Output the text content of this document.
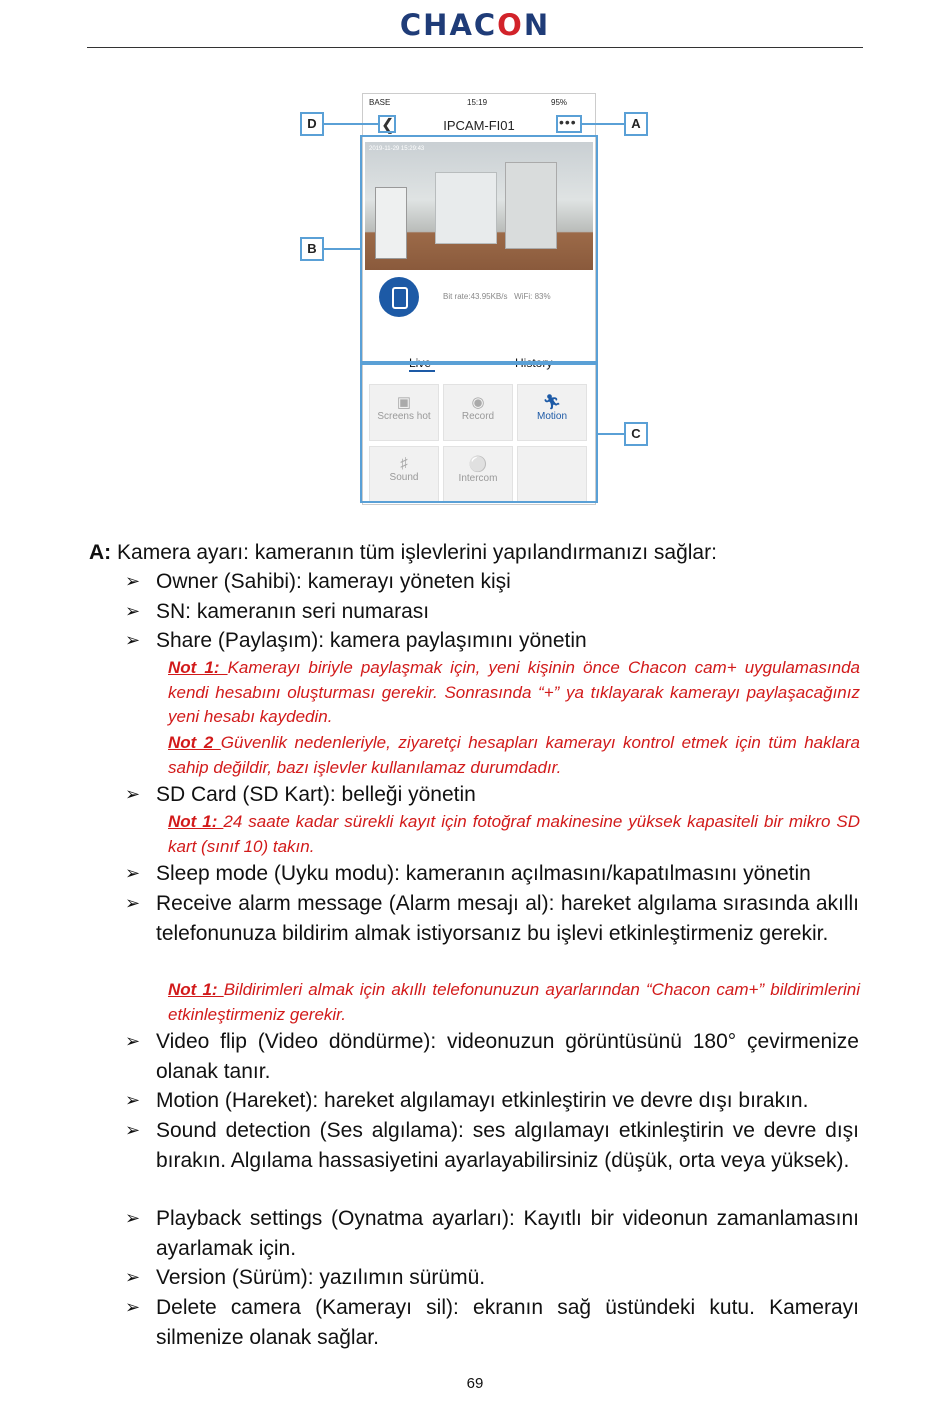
CHACON
BASE	15:19	95%
❮	IPCAM-FI01	•••
2019-11-29 15:29:43
Bit rate:43.95KB/s WiFi: 83%
Live	History
▣
Screens hot
◉
Record
🏃︎
Motion
♯
Sound
⚪
Intercom
D	A
B
C
A: Kamera ayarı: kameranın tüm işlevlerini yapılandırmanızı sağlar:
➢ Owner (Sahibi): kamerayı yöneten kişi
➢ SN: kameranın seri numarası
➢ Share (Paylaşım): kamera paylaşımını yönetin
Not 1: Kamerayı biriyle paylaşmak için, yeni kişinin önce Chacon cam+ uygulamasında kendi hesabını oluşturması gerekir. Sonrasında “+” ya tıklayarak kamerayı paylaşacağınız yeni hesabı kaydedin.
Not 2 Güvenlik nedenleriyle, ziyaretçi hesapları kamerayı kontrol etmek için tüm haklara sahip değildir, bazı işlevler kullanılamaz durumdadır.
➢ SD Card (SD Kart): belleği yönetin
Not 1: 24 saate kadar sürekli kayıt için fotoğraf makinesine yüksek kapasiteli bir mikro SD kart (sınıf 10) takın.
➢ Sleep mode (Uyku modu): kameranın açılmasını/kapatılmasını yönetin
➢ Receive alarm message (Alarm mesajı al): hareket algılama sırasında akıllı telefonunuza bildirim almak istiyorsanız bu işlevi etkinleştirmeniz gerekir.
Not 1: Bildirimleri almak için akıllı telefonunuzun ayarlarından “Chacon cam+” bildirimlerini etkinleştirmeniz gerekir.
➢ Video flip (Video döndürme): videonuzun görüntüsünü 180° çevirmenize olanak tanır.
➢ Motion (Hareket): hareket algılamayı etkinleştirin ve devre dışı bırakın.
➢ Sound detection (Ses algılama): ses algılamayı etkinleştirin ve devre dışı bırakın. Algılama hassasiyetini ayarlayabilirsiniz (düşük, orta veya yüksek).
➢ Playback settings (Oynatma ayarları): Kayıtlı bir videonun zamanlamasını ayarlamak için.
➢ Version (Sürüm): yazılımın sürümü.
➢ Delete camera (Kamerayı sil): ekranın sağ üstündeki kutu. Kamerayı silmenize olanak sağlar.
69
